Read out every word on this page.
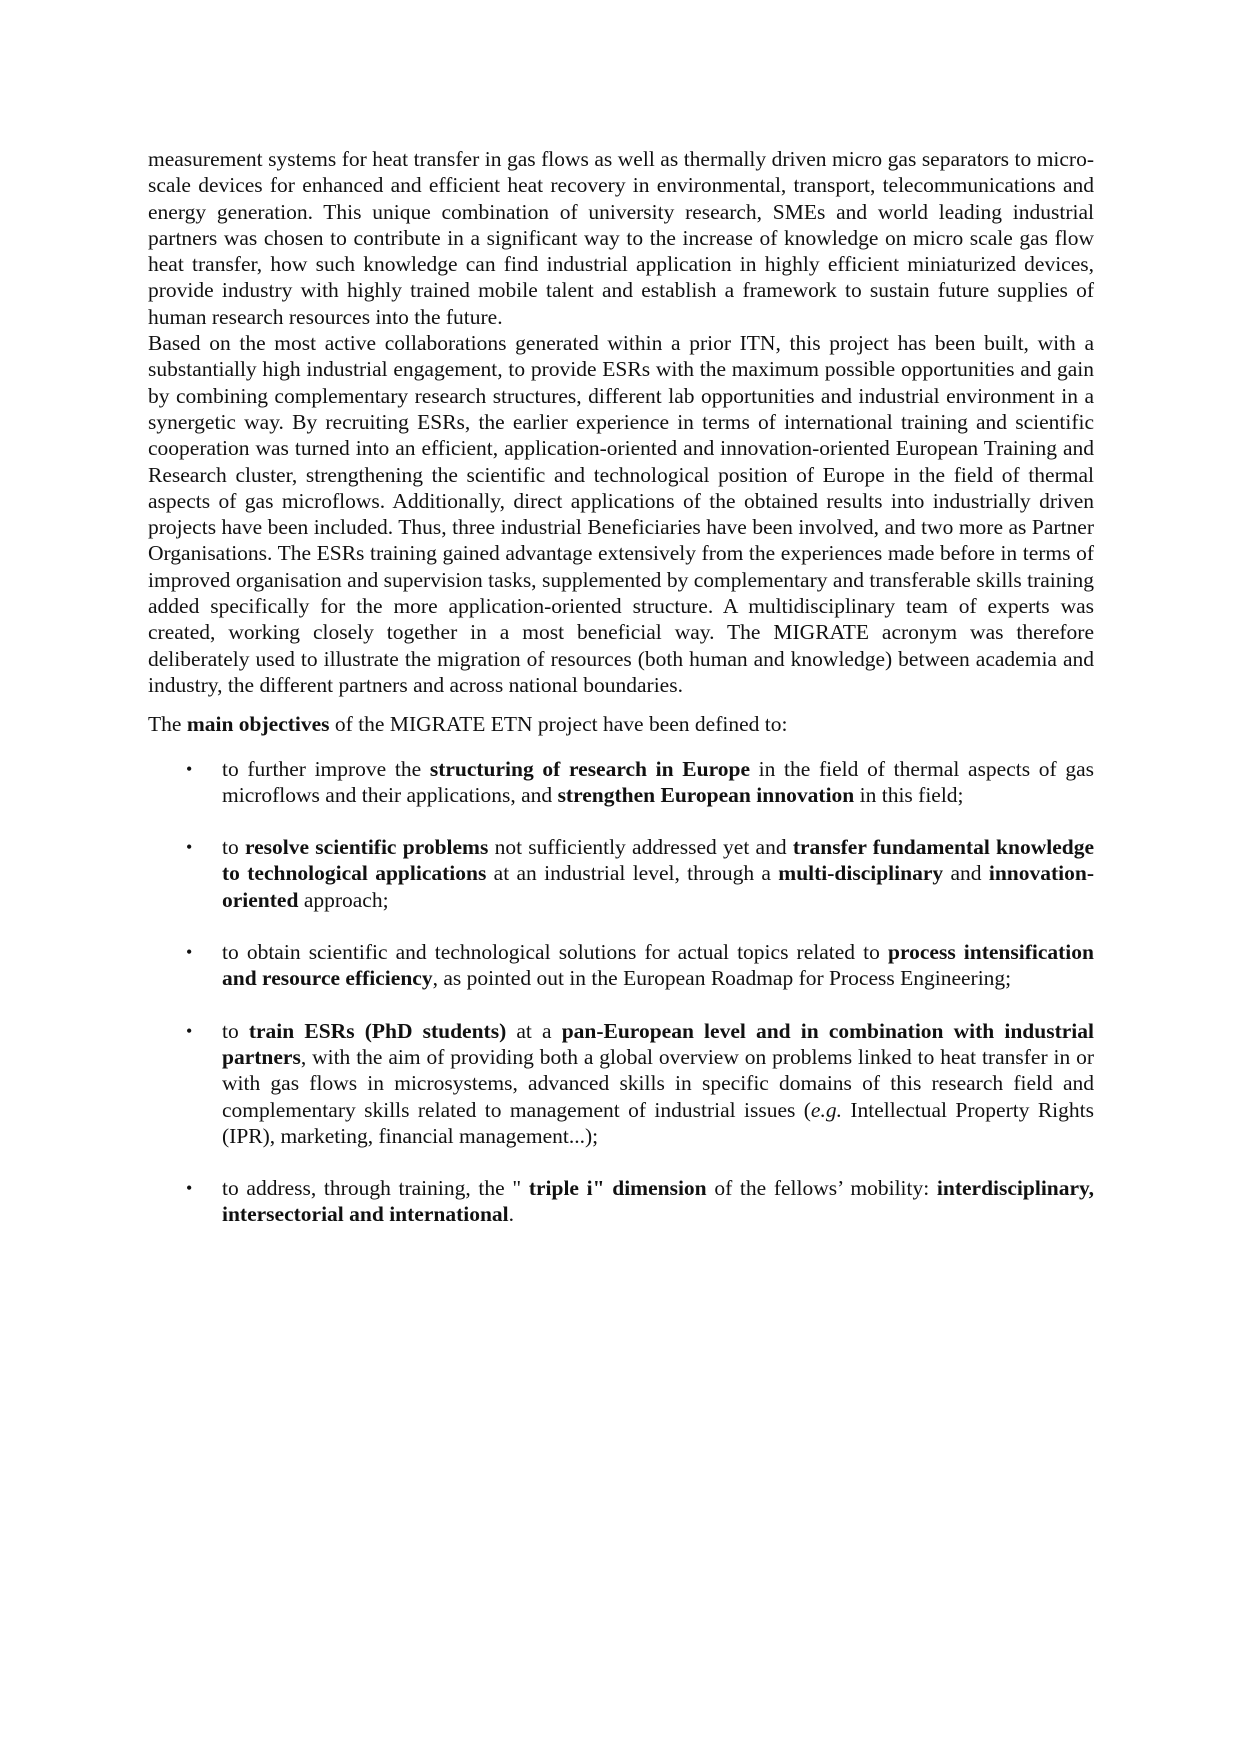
measurement systems for heat transfer in gas flows as well as thermally driven micro gas separators to micro-scale devices for enhanced and efficient heat recovery in environmental, transport, telecommunications and energy generation. This unique combination of university research, SMEs and world leading industrial partners was chosen to contribute in a significant way to the increase of knowledge on micro scale gas flow heat transfer, how such knowledge can find industrial application in highly efficient miniaturized devices, provide industry with highly trained mobile talent and establish a framework to sustain future supplies of human research resources into the future.

Based on the most active collaborations generated within a prior ITN, this project has been built, with a substantially high industrial engagement, to provide ESRs with the maximum possible opportunities and gain by combining complementary research structures, different lab opportunities and industrial environment in a synergetic way. By recruiting ESRs, the earlier experience in terms of international training and scientific cooperation was turned into an efficient, application-oriented and innovation-oriented European Training and Research cluster, strengthening the scientific and technological position of Europe in the field of thermal aspects of gas microflows. Additionally, direct applications of the obtained results into industrially driven projects have been included. Thus, three industrial Beneficiaries have been involved, and two more as Partner Organisations. The ESRs training gained advantage extensively from the experiences made before in terms of improved organisation and supervision tasks, supplemented by complementary and transferable skills training added specifically for the more application-oriented structure. A multidisciplinary team of experts was created, working closely together in a most beneficial way. The MIGRATE acronym was therefore deliberately used to illustrate the migration of resources (both human and knowledge) between academia and industry, the different partners and across national boundaries.

The main objectives of the MIGRATE ETN project have been defined to:

• to further improve the structuring of research in Europe in the field of thermal aspects of gas microflows and their applications, and strengthen European innovation in this field;
• to resolve scientific problems not sufficiently addressed yet and transfer fundamental knowledge to technological applications at an industrial level, through a multi-disciplinary and innovation-oriented approach;
• to obtain scientific and technological solutions for actual topics related to process intensification and resource efficiency, as pointed out in the European Roadmap for Process Engineering;
• to train ESRs (PhD students) at a pan-European level and in combination with industrial partners, with the aim of providing both a global overview on problems linked to heat transfer in or with gas flows in microsystems, advanced skills in specific domains of this research field and complementary skills related to management of industrial issues (e.g. Intellectual Property Rights (IPR), marketing, financial management...);
• to address, through training, the " triple i" dimension of the fellows’ mobility: interdisciplinary, intersectorial and international.
